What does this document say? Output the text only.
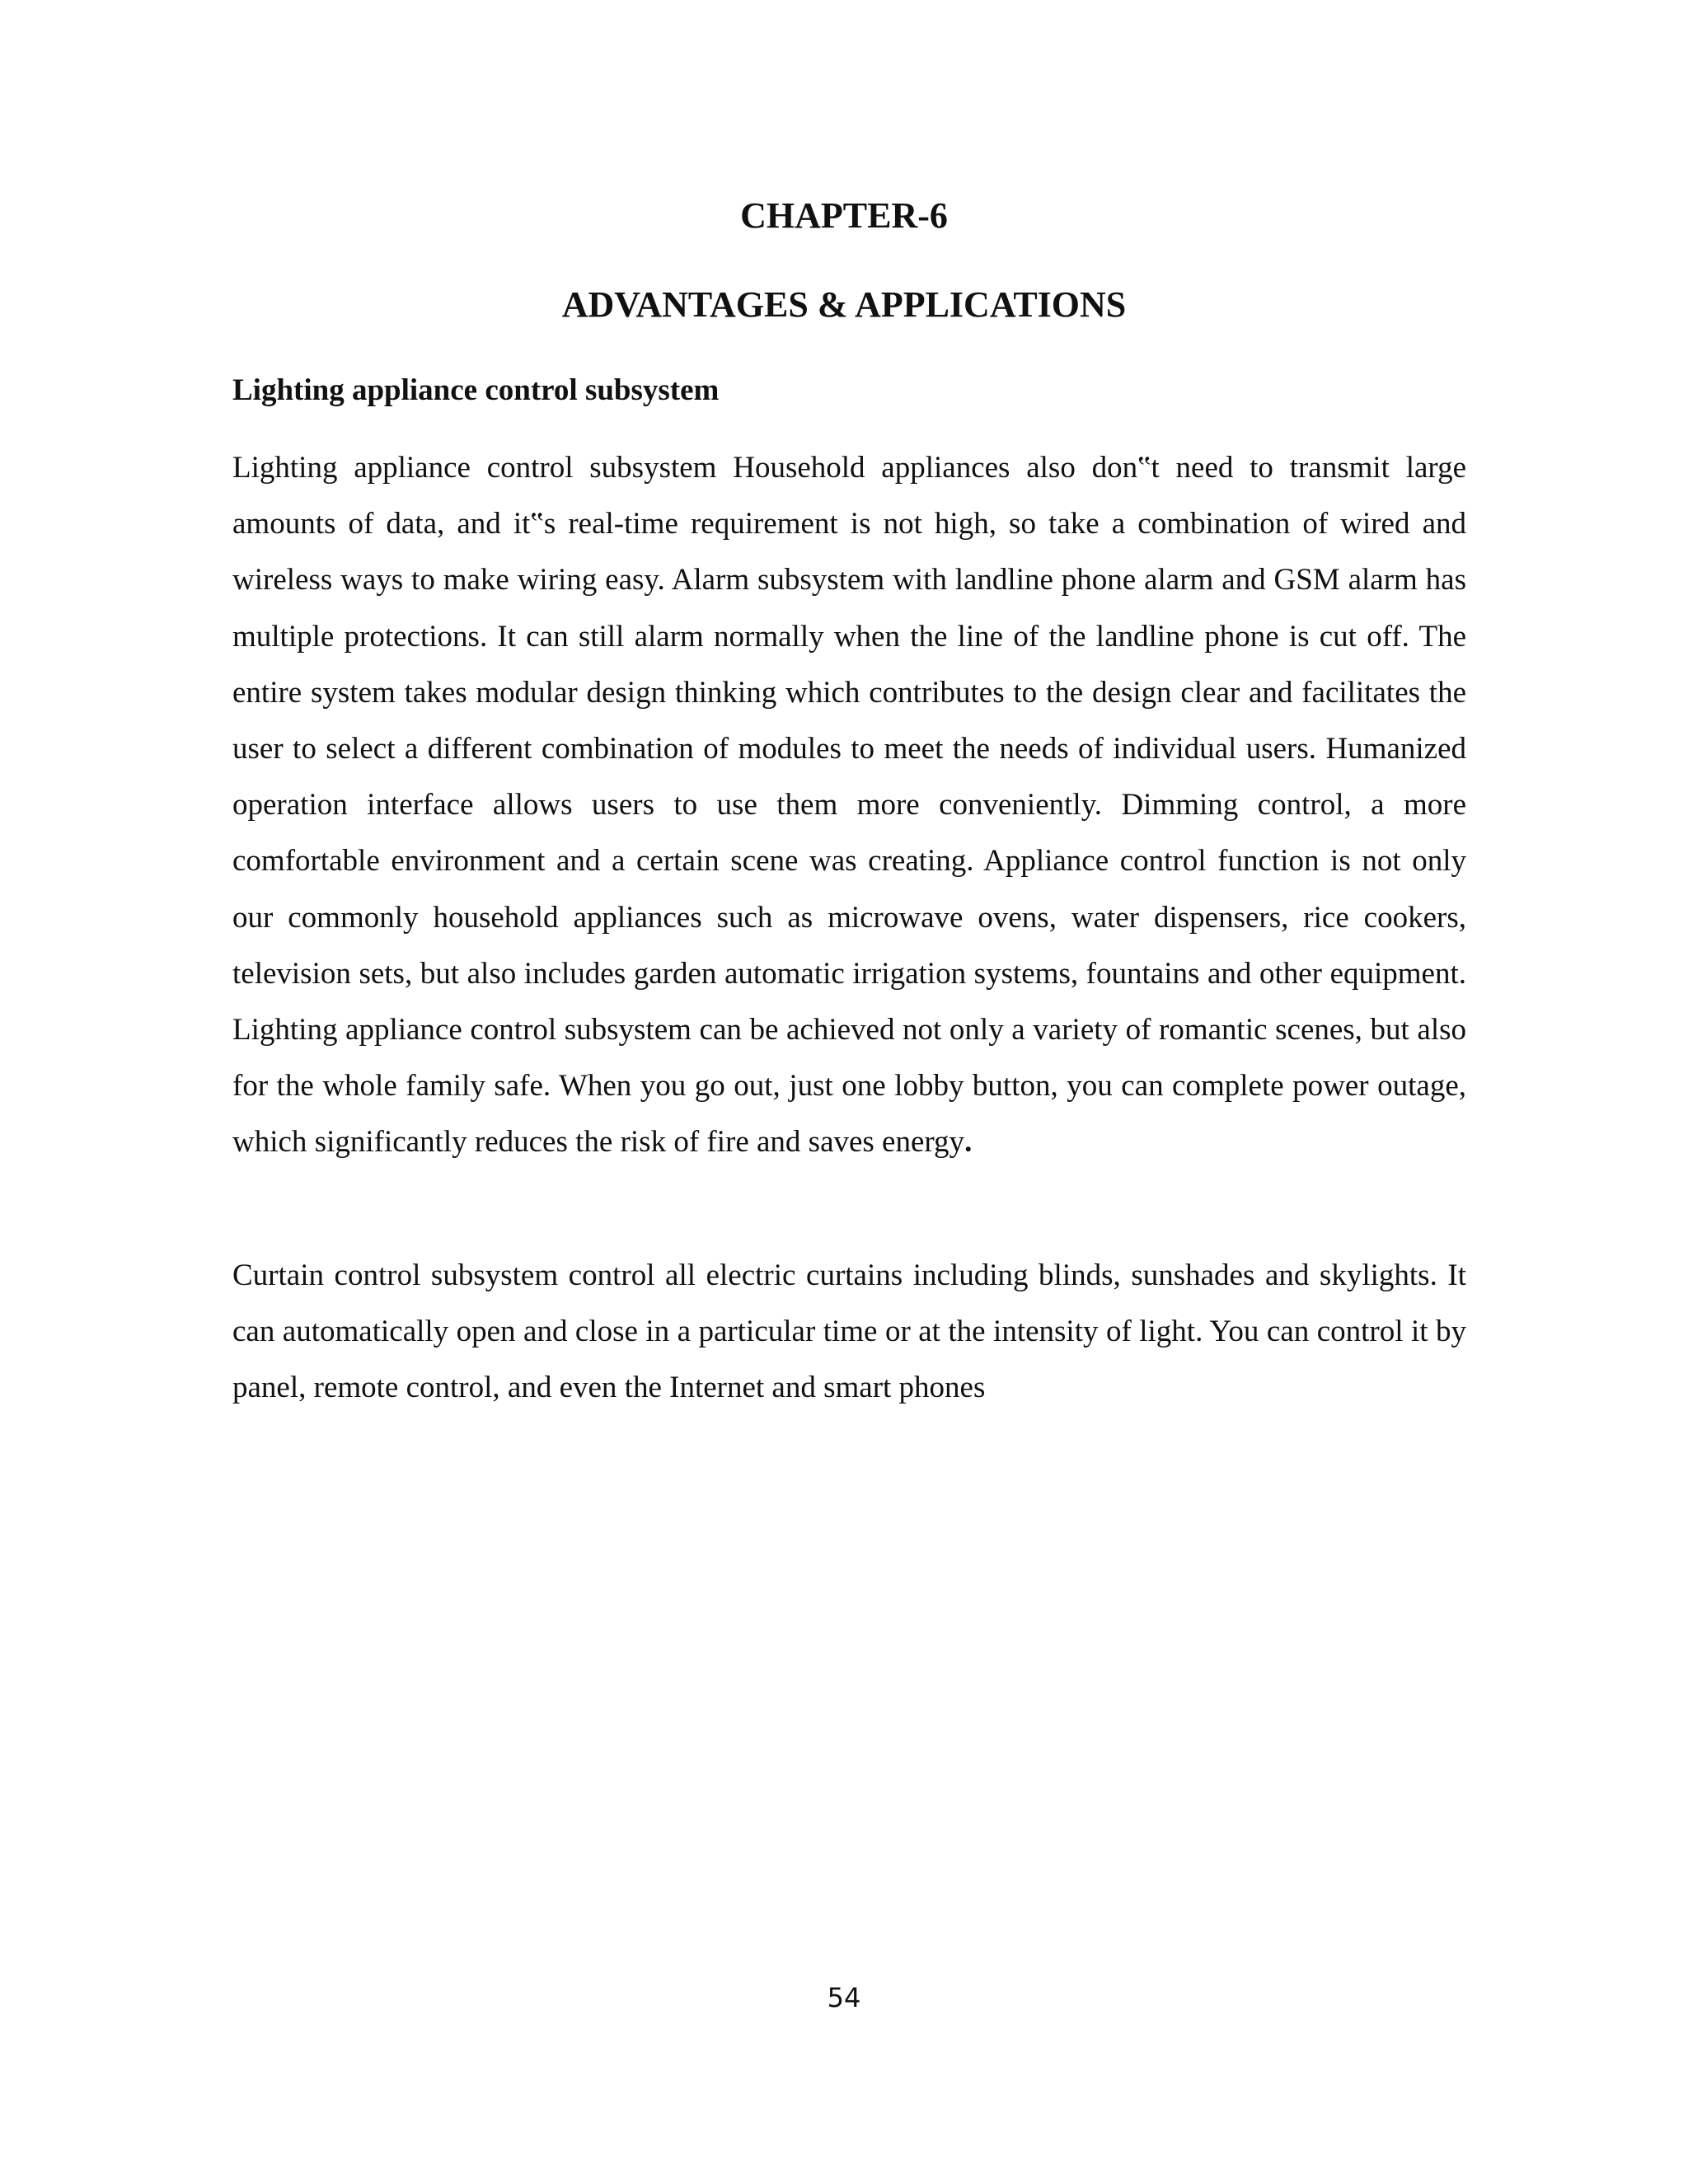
CHAPTER-6
ADVANTAGES & APPLICATIONS
Lighting appliance control subsystem

Lighting appliance control subsystem Household appliances also don‟t need to transmit large amounts of data, and it‟s real-time requirement is not high, so take a combination of wired and wireless ways to make wiring easy. Alarm subsystem with landline phone alarm and GSM alarm has multiple protections. It can still alarm normally when the line of the landline phone is cut off. The entire system takes modular design thinking which contributes to the design clear and facilitates the user to select a different combination of modules to meet the needs of individual users. Humanized operation interface allows users to use them more conveniently. Dimming control, a more comfortable environment and a certain scene was creating. Appliance control function is not only our commonly household appliances such as microwave ovens, water dispensers, rice cookers, television sets, but also includes garden automatic irrigation systems, fountains and other equipment. Lighting appliance control subsystem can be achieved not only a variety of romantic scenes, but also for the whole family safe. When you go out, just one lobby button, you can complete power outage, which significantly reduces the risk of fire and saves energy.

Curtain control subsystem control all electric curtains including blinds, sunshades and skylights. It can automatically open and close in a particular time or at the intensity of light. You can control it by panel, remote control, and even the Internet and smart phones

54
